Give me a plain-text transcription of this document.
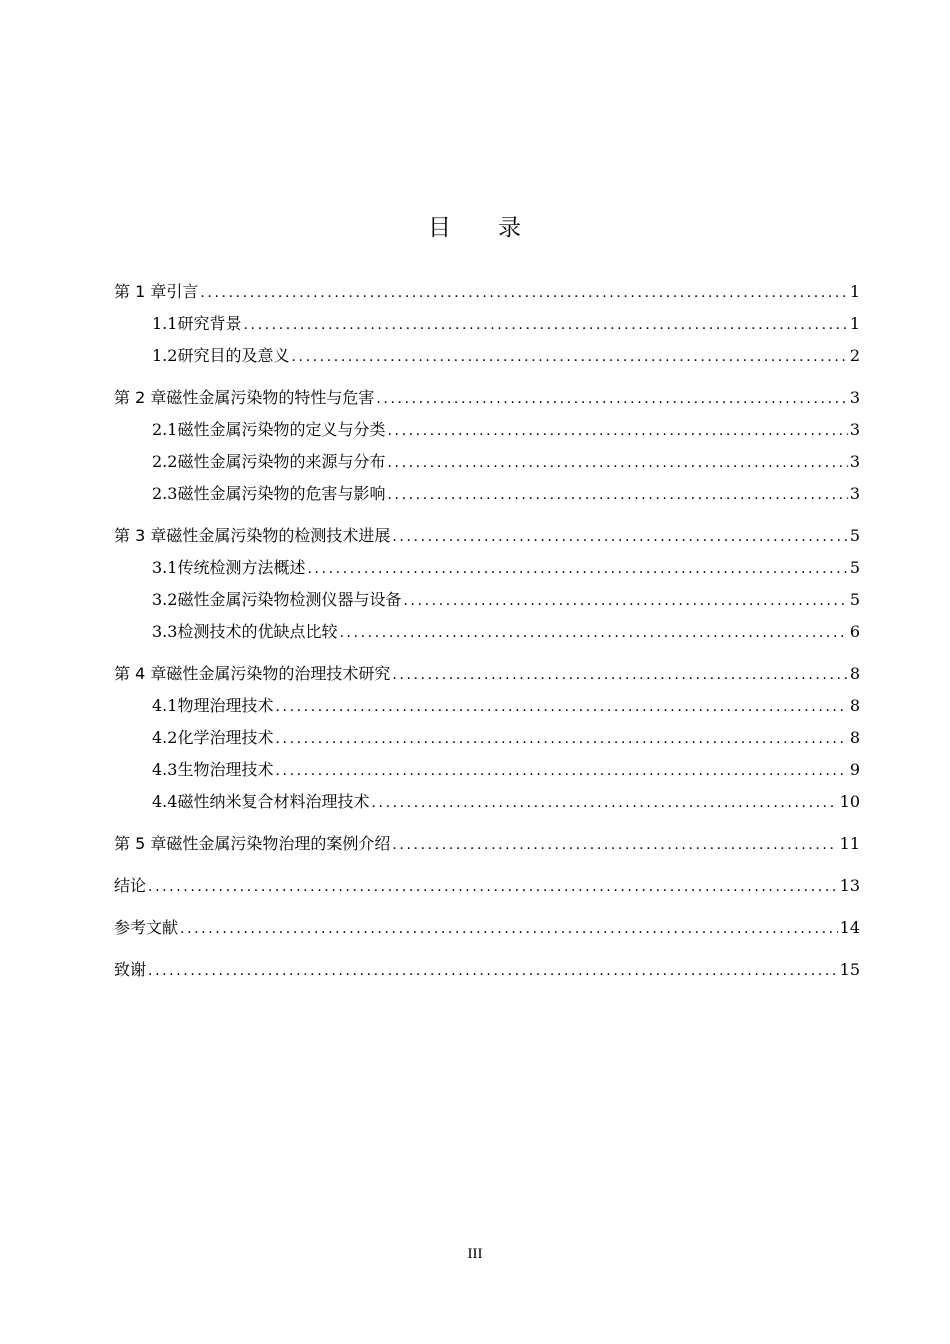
目 录
第 1 章 引言 .....	1
1.1 研究背景 .....	1
1.2 研究目的及意义 .....	2
第 2 章 磁性金属污染物的特性与危害 .....	3
2.1 磁性金属污染物的定义与分类 .....	3
2.2 磁性金属污染物的来源与分布 .....	3
2.3 磁性金属污染物的危害与影响 .....	3
第 3 章 磁性金属污染物的检测技术进展 .....	5
3.1 传统检测方法概述 .....	5
3.2 磁性金属污染物检测仪器与设备 .....	5
3.3 检测技术的优缺点比较 .....	6
第 4 章 磁性金属污染物的治理技术研究 .....	8
4.1 物理治理技术 .....	8
4.2 化学治理技术 .....	8
4.3 生物治理技术 .....	9
4.4 磁性纳米复合材料治理技术 .....	10
第 5 章 磁性金属污染物治理的案例介绍 .....	11
结论 .....	13
参考文献 .....	14
致谢 .....	15
III
